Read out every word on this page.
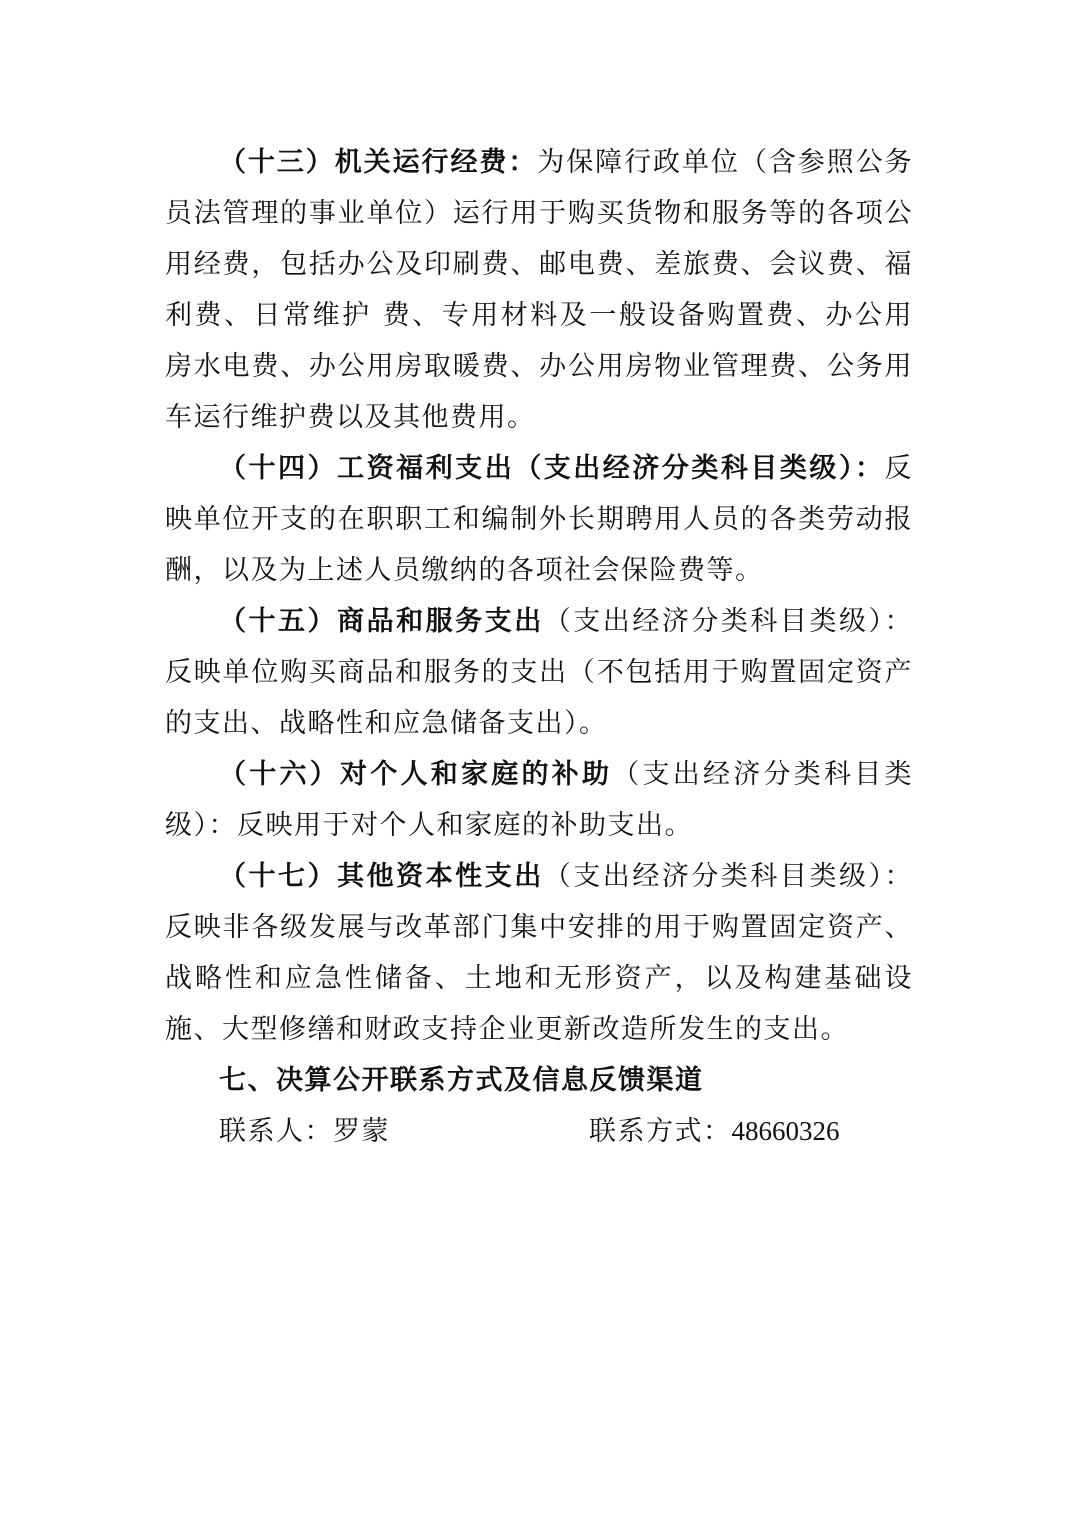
（十三）机关运行经费：为保障行政单位（含参照公务员法管理的事业单位）运行用于购买货物和服务等的各项公用经费，包括办公及印刷费、邮电费、差旅费、会议费、福利费、日常维护 费、专用材料及一般设备购置费、办公用房水电费、办公用房取暖费、办公用房物业管理费、公务用车运行维护费以及其他费用。

（十四）工资福利支出（支出经济分类科目类级）：反映单位开支的在职职工和编制外长期聘用人员的各类劳动报酬，以及为上述人员缴纳的各项社会保险费等。

（十五）商品和服务支出（支出经济分类科目类级）：反映单位购买商品和服务的支出（不包括用于购置固定资产的支出、战略性和应急储备支出）。

（十六）对个人和家庭的补助（支出经济分类科目类级）：反映用于对个人和家庭的补助支出。

（十七）其他资本性支出（支出经济分类科目类级）：反映非各级发展与改革部门集中安排的用于购置固定资产、战略性和应急性储备、土地和无形资产，以及构建基础设施、大型修缮和财政支持企业更新改造所发生的支出。

七、决算公开联系方式及信息反馈渠道

联系人：罗蒙	联系方式：48660326
